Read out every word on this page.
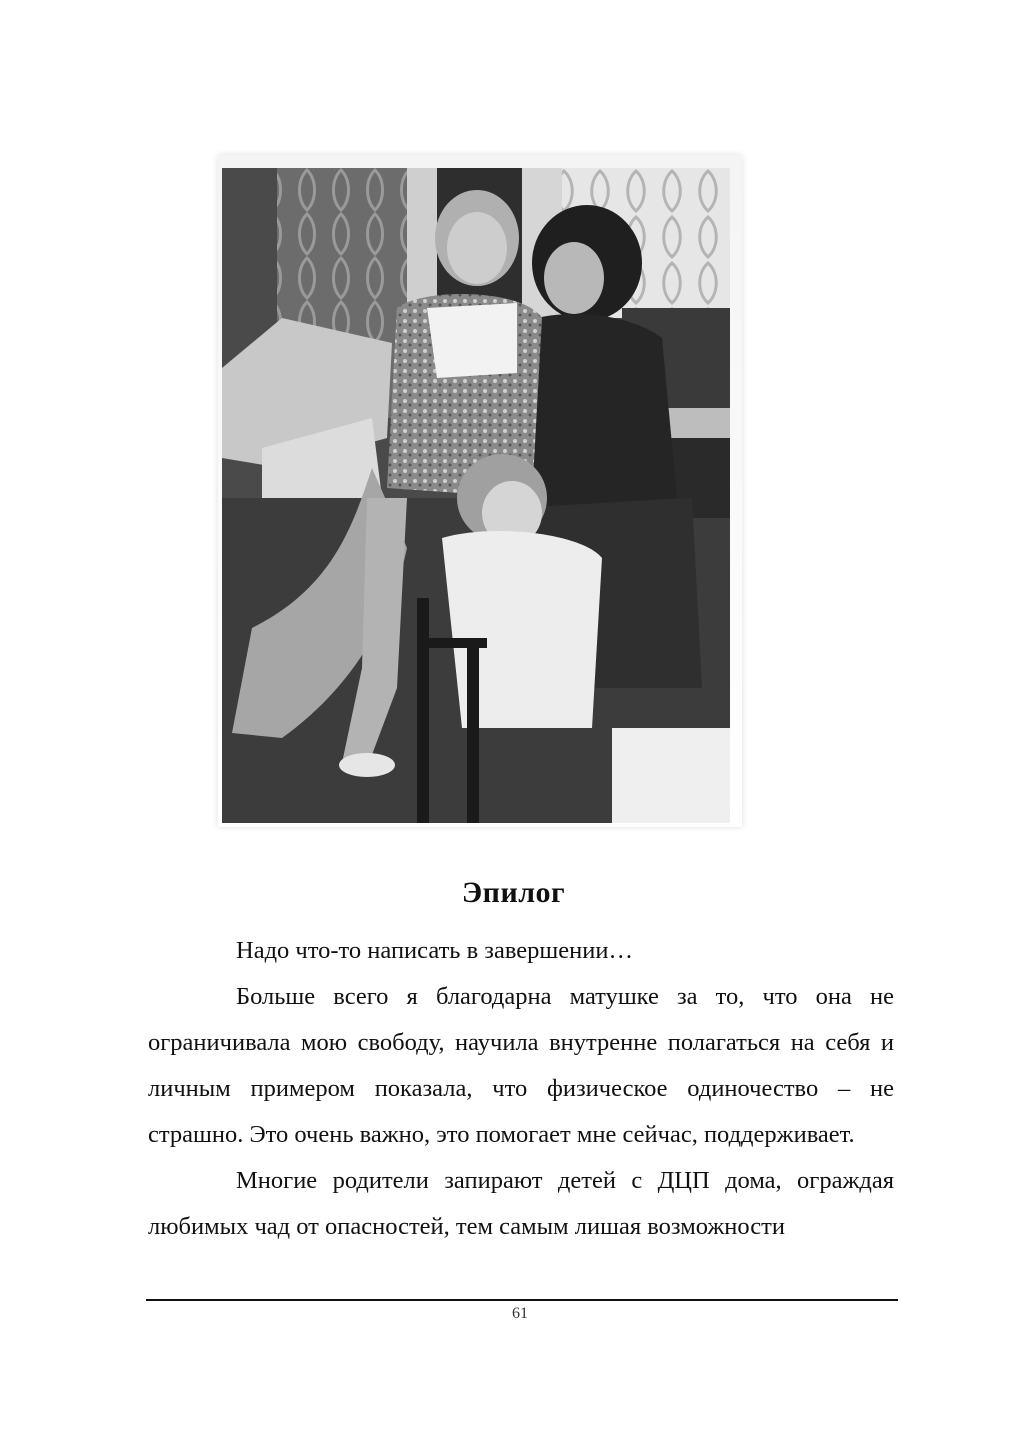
Эпилог

Надо что-то написать в завершении…

Больше всего я благодарна матушке за то, что она не ограничивала мою свободу, научила внутренне полагаться на себя и личным примером показала, что физическое одиночество – не страшно. Это очень важно, это помогает мне сейчас, поддерживает.

Многие родители запирают детей с ДЦП дома, ограждая любимых чад от опасностей, тем самым лишая возможности

61
